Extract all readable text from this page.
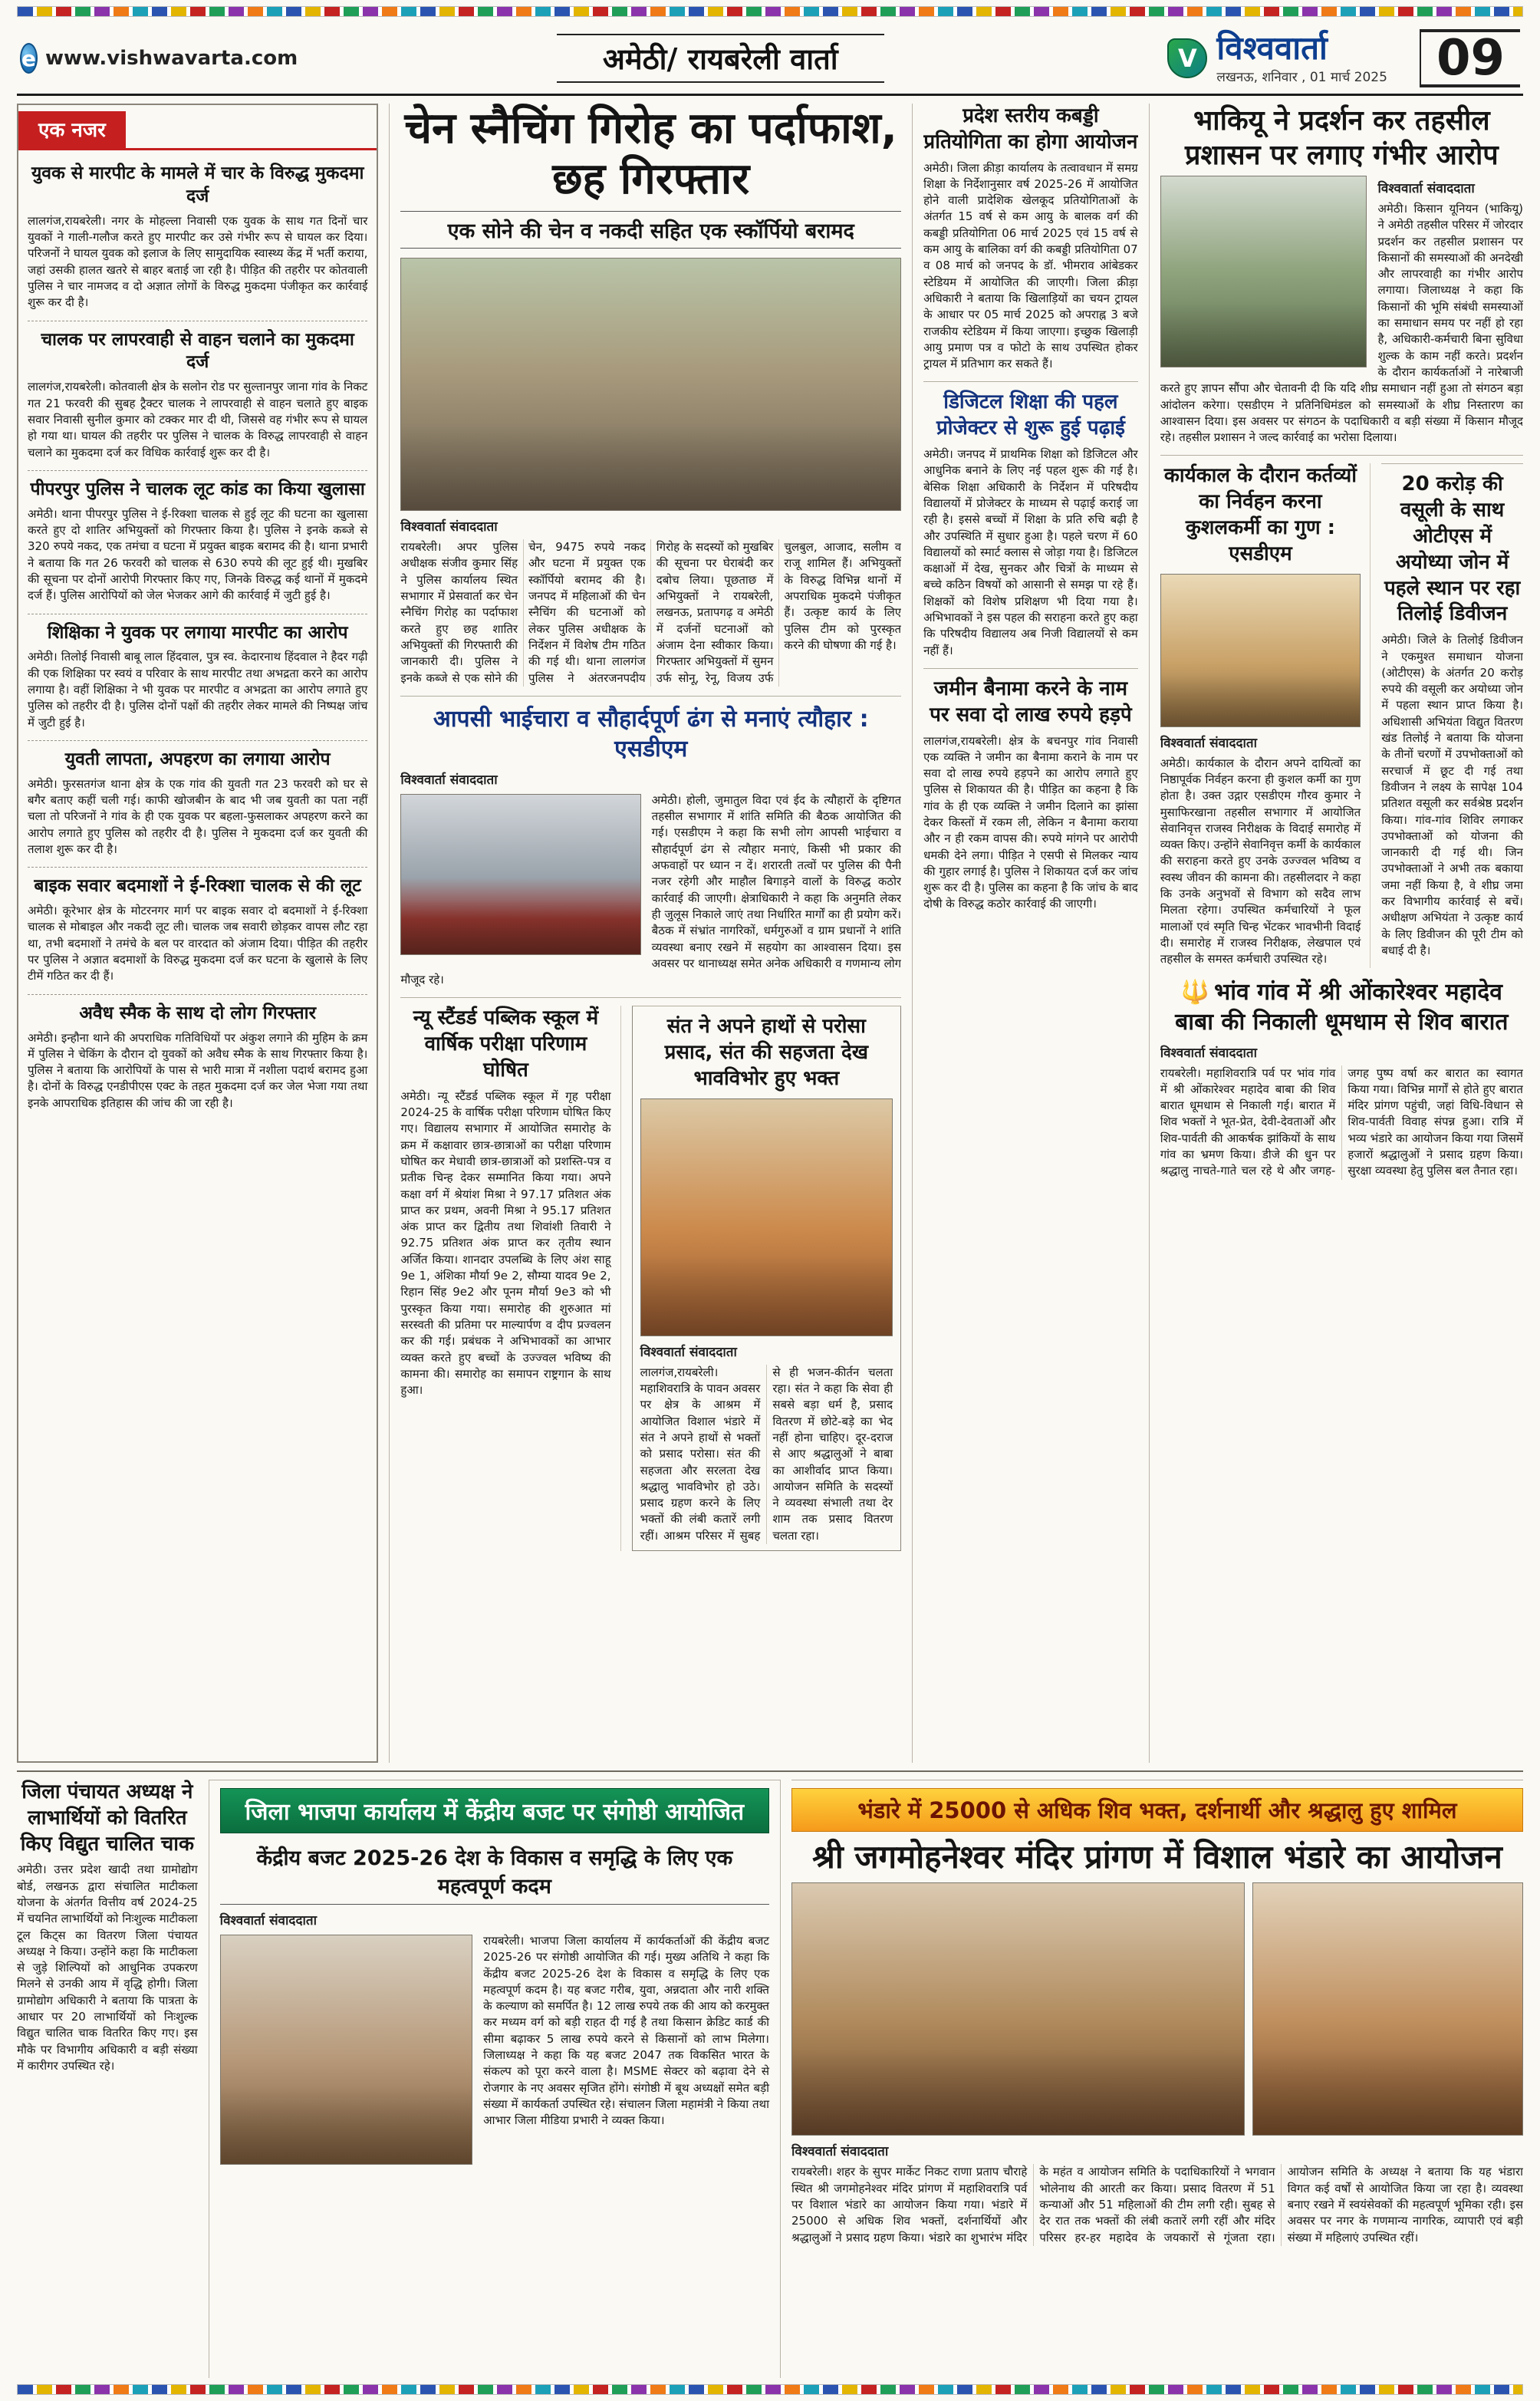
e www.vishwavarta.com	अमेठी/ रायबरेली वार्ता	V विश्ववार्ता
लखनऊ, शनिवार , 01 मार्च 2025	09
एक नजर
युवक से मारपीट के मामले में चार के विरुद्ध मुकदमा दर्ज
लालगंज,रायबरेली। नगर के मोहल्ला निवासी एक युवक के साथ गत दिनों चार युवकों ने गाली-गलौज करते हुए मारपीट कर उसे गंभीर रूप से घायल कर दिया। परिजनों ने घायल युवक को इलाज के लिए सामुदायिक स्वास्थ्य केंद्र में भर्ती कराया, जहां उसकी हालत खतरे से बाहर बताई जा रही है। पीड़ित की तहरीर पर कोतवाली पुलिस ने चार नामजद व दो अज्ञात लोगों के विरुद्ध मुकदमा पंजीकृत कर कार्रवाई शुरू कर दी है।
चालक पर लापरवाही से वाहन चलाने का मुकदमा दर्ज
लालगंज,रायबरेली। कोतवाली क्षेत्र के सलोन रोड पर सुल्तानपुर जाना गांव के निकट गत 21 फरवरी की सुबह ट्रैक्टर चालक ने लापरवाही से वाहन चलाते हुए बाइक सवार निवासी सुनील कुमार को टक्कर मार दी थी, जिससे वह गंभीर रूप से घायल हो गया था। घायल की तहरीर पर पुलिस ने चालक के विरुद्ध लापरवाही से वाहन चलाने का मुकदमा दर्ज कर विधिक कार्रवाई शुरू कर दी है।
पीपरपुर पुलिस ने चालक लूट कांड का किया खुलासा
अमेठी। थाना पीपरपुर पुलिस ने ई-रिक्शा चालक से हुई लूट की घटना का खुलासा करते हुए दो शातिर अभियुक्तों को गिरफ्तार किया है। पुलिस ने इनके कब्जे से 320 रुपये नकद, एक तमंचा व घटना में प्रयुक्त बाइक बरामद की है। थाना प्रभारी ने बताया कि गत 26 फरवरी को चालक से 630 रुपये की लूट हुई थी। मुखबिर की सूचना पर दोनों आरोपी गिरफ्तार किए गए, जिनके विरुद्ध कई थानों में मुकदमे दर्ज हैं। पुलिस आरोपियों को जेल भेजकर आगे की कार्रवाई में जुटी हुई है।
शिक्षिका ने युवक पर लगाया मारपीट का आरोप
अमेठी। तिलोई निवासी बाबू लाल हिंदवाल, पुत्र स्व. केदारनाथ हिंदवाल ने हैदर गढ़ी की एक शिक्षिका पर स्वयं व परिवार के साथ मारपीट तथा अभद्रता करने का आरोप लगाया है। वहीं शिक्षिका ने भी युवक पर मारपीट व अभद्रता का आरोप लगाते हुए पुलिस को तहरीर दी है। पुलिस दोनों पक्षों की तहरीर लेकर मामले की निष्पक्ष जांच में जुटी हुई है।
युवती लापता, अपहरण का लगाया आरोप
अमेठी। फुरसतगंज थाना क्षेत्र के एक गांव की युवती गत 23 फरवरी को घर से बगैर बताए कहीं चली गई। काफी खोजबीन के बाद भी जब युवती का पता नहीं चला तो परिजनों ने गांव के ही एक युवक पर बहला-फुसलाकर अपहरण करने का आरोप लगाते हुए पुलिस को तहरीर दी है। पुलिस ने मुकदमा दर्ज कर युवती की तलाश शुरू कर दी है।
बाइक सवार बदमाशों ने ई-रिक्शा चालक से की लूट
अमेठी। कूरेभार क्षेत्र के मोटरनगर मार्ग पर बाइक सवार दो बदमाशों ने ई-रिक्शा चालक से मोबाइल और नकदी लूट ली। चालक जब सवारी छोड़कर वापस लौट रहा था, तभी बदमाशों ने तमंचे के बल पर वारदात को अंजाम दिया। पीड़ित की तहरीर पर पुलिस ने अज्ञात बदमाशों के विरुद्ध मुकदमा दर्ज कर घटना के खुलासे के लिए टीमें गठित कर दी हैं।
अवैध स्मैक के साथ दो लोग गिरफ्तार
अमेठी। इन्हौना थाने की अपराधिक गतिविधियों पर अंकुश लगाने की मुहिम के क्रम में पुलिस ने चेकिंग के दौरान दो युवकों को अवैध स्मैक के साथ गिरफ्तार किया है। पुलिस ने बताया कि आरोपियों के पास से भारी मात्रा में नशीला पदार्थ बरामद हुआ है। दोनों के विरुद्ध एनडीपीएस एक्ट के तहत मुकदमा दर्ज कर जेल भेजा गया तथा इनके आपराधिक इतिहास की जांच की जा रही है।
चेन स्नैचिंग गिरोह का पर्दाफाश, छह गिरफ्तार
एक सोने की चेन व नकदी सहित एक स्कॉर्पियो बरामद
विश्ववार्ता संवाददाता
रायबरेली। अपर पुलिस अधीक्षक संजीव कुमार सिंह ने पुलिस कार्यालय स्थित सभागार में प्रेसवार्ता कर चेन स्नैचिंग गिरोह का पर्दाफाश करते हुए छह शातिर अभियुक्तों की गिरफ्तारी की जानकारी दी। पुलिस ने इनके कब्जे से एक सोने की चेन, 9475 रुपये नकद और घटना में प्रयुक्त एक स्कॉर्पियो बरामद की है। जनपद में महिलाओं की चेन स्नैचिंग की घटनाओं को लेकर पुलिस अधीक्षक के निर्देशन में विशेष टीम गठित की गई थी। थाना लालगंज पुलिस ने अंतरजनपदीय गिरोह के सदस्यों को मुखबिर की सूचना पर घेराबंदी कर दबोच लिया। पूछताछ में अभियुक्तों ने रायबरेली, लखनऊ, प्रतापगढ़ व अमेठी में दर्जनों घटनाओं को अंजाम देना स्वीकार किया। गिरफ्तार अभियुक्तों में सुमन उर्फ सोनू, रेनू, विजय उर्फ चुलबुल, आजाद, सलीम व राजू शामिल हैं। अभियुक्तों के विरुद्ध विभिन्न थानों में अपराधिक मुकदमे पंजीकृत हैं। उत्कृष्ट कार्य के लिए पुलिस टीम को पुरस्कृत करने की घोषणा की गई है।
आपसी भाईचारा व सौहार्दपूर्ण ढंग से मनाएं त्यौहार : एसडीएम
विश्ववार्ता संवाददाता
अमेठी। होली, जुमातुल विदा एवं ईद के त्यौहारों के दृष्टिगत तहसील सभागार में शांति समिति की बैठक आयोजित की गई। एसडीएम ने कहा कि सभी लोग आपसी भाईचारा व सौहार्दपूर्ण ढंग से त्यौहार मनाएं, किसी भी प्रकार की अफवाहों पर ध्यान न दें। शरारती तत्वों पर पुलिस की पैनी नजर रहेगी और माहौल बिगाड़ने वालों के विरुद्ध कठोर कार्रवाई की जाएगी। क्षेत्राधिकारी ने कहा कि अनुमति लेकर ही जुलूस निकाले जाएं तथा निर्धारित मार्गों का ही प्रयोग करें। बैठक में संभ्रांत नागरिकों, धर्मगुरुओं व ग्राम प्रधानों ने शांति व्यवस्था बनाए रखने में सहयोग का आश्वासन दिया। इस अवसर पर थानाध्यक्ष समेत अनेक अधिकारी व गणमान्य लोग मौजूद रहे।
न्यू स्टैंडर्ड पब्लिक स्कूल में वार्षिक परीक्षा परिणाम घोषित
अमेठी। न्यू स्टैंडर्ड पब्लिक स्कूल में गृह परीक्षा 2024-25 के वार्षिक परीक्षा परिणाम घोषित किए गए। विद्यालय सभागार में आयोजित समारोह के क्रम में कक्षावार छात्र-छात्राओं का परीक्षा परिणाम घोषित कर मेधावी छात्र-छात्राओं को प्रशस्ति-पत्र व प्रतीक चिन्ह देकर सम्मानित किया गया। अपने कक्षा वर्ग में श्रेयांश मिश्रा ने 97.17 प्रतिशत अंक प्राप्त कर प्रथम, अवनी मिश्रा ने 95.17 प्रतिशत अंक प्राप्त कर द्वितीय तथा शिवांशी तिवारी ने 92.75 प्रतिशत अंक प्राप्त कर तृतीय स्थान अर्जित किया। शानदार उपलब्धि के लिए अंश साहू 9e 1, अंशिका मौर्या 9e 2, सौम्या यादव 9e 2, रिहान सिंह 9e2 और पूनम मौर्या 9e3 को भी पुरस्कृत किया गया। समारोह की शुरुआत मां सरस्वती की प्रतिमा पर माल्यार्पण व दीप प्रज्वलन कर की गई। प्रबंधक ने अभिभावकों का आभार व्यक्त करते हुए बच्चों के उज्ज्वल भविष्य की कामना की। समारोह का समापन राष्ट्रगान के साथ हुआ।
संत ने अपने हाथों से परोसा प्रसाद, संत की सहजता देख भावविभोर हुए भक्त
विश्ववार्ता संवाददाता
लालगंज,रायबरेली। महाशिवरात्रि के पावन अवसर पर क्षेत्र के आश्रम में आयोजित विशाल भंडारे में संत ने अपने हाथों से भक्तों को प्रसाद परोसा। संत की सहजता और सरलता देख श्रद्धालु भावविभोर हो उठे। प्रसाद ग्रहण करने के लिए भक्तों की लंबी कतारें लगी रहीं। आश्रम परिसर में सुबह से ही भजन-कीर्तन चलता रहा। संत ने कहा कि सेवा ही सबसे बड़ा धर्म है, प्रसाद वितरण में छोटे-बड़े का भेद नहीं होना चाहिए। दूर-दराज से आए श्रद्धालुओं ने बाबा का आशीर्वाद प्राप्त किया। आयोजन समिति के सदस्यों ने व्यवस्था संभाली तथा देर शाम तक प्रसाद वितरण चलता रहा।
प्रदेश स्तरीय कबड्डी प्रतियोगिता का होगा आयोजन
अमेठी। जिला क्रीड़ा कार्यालय के तत्वावधान में समग्र शिक्षा के निर्देशानुसार वर्ष 2025-26 में आयोजित होने वाली प्रादेशिक खेलकूद प्रतियोगिताओं के अंतर्गत 15 वर्ष से कम आयु के बालक वर्ग की कबड्डी प्रतियोगिता 06 मार्च 2025 एवं 15 वर्ष से कम आयु के बालिका वर्ग की कबड्डी प्रतियोगिता 07 व 08 मार्च को जनपद के डॉ. भीमराव आंबेडकर स्टेडियम में आयोजित की जाएगी। जिला क्रीड़ा अधिकारी ने बताया कि खिलाड़ियों का चयन ट्रायल के आधार पर 05 मार्च 2025 को अपराह्न 3 बजे राजकीय स्टेडियम में किया जाएगा। इच्छुक खिलाड़ी आयु प्रमाण पत्र व फोटो के साथ उपस्थित होकर ट्रायल में प्रतिभाग कर सकते हैं।
डिजिटल शिक्षा की पहल प्रोजेक्टर से शुरू हुई पढ़ाई
अमेठी। जनपद में प्राथमिक शिक्षा को डिजिटल और आधुनिक बनाने के लिए नई पहल शुरू की गई है। बेसिक शिक्षा अधिकारी के निर्देशन में परिषदीय विद्यालयों में प्रोजेक्टर के माध्यम से पढ़ाई कराई जा रही है। इससे बच्चों में शिक्षा के प्रति रुचि बढ़ी है और उपस्थिति में सुधार हुआ है। पहले चरण में 60 विद्यालयों को स्मार्ट क्लास से जोड़ा गया है। डिजिटल कक्षाओं में देख, सुनकर और चित्रों के माध्यम से बच्चे कठिन विषयों को आसानी से समझ पा रहे हैं। शिक्षकों को विशेष प्रशिक्षण भी दिया गया है। अभिभावकों ने इस पहल की सराहना करते हुए कहा कि परिषदीय विद्यालय अब निजी विद्यालयों से कम नहीं हैं।
जमीन बैनामा करने के नाम पर सवा दो लाख रुपये हड़पे
लालगंज,रायबरेली। क्षेत्र के बचनपुर गांव निवासी एक व्यक्ति ने जमीन का बैनामा कराने के नाम पर सवा दो लाख रुपये हड़पने का आरोप लगाते हुए पुलिस से शिकायत की है। पीड़ित का कहना है कि गांव के ही एक व्यक्ति ने जमीन दिलाने का झांसा देकर किस्तों में रकम ली, लेकिन न बैनामा कराया और न ही रकम वापस की। रुपये मांगने पर आरोपी धमकी देने लगा। पीड़ित ने एसपी से मिलकर न्याय की गुहार लगाई है। पुलिस ने शिकायत दर्ज कर जांच शुरू कर दी है। पुलिस का कहना है कि जांच के बाद दोषी के विरुद्ध कठोर कार्रवाई की जाएगी।
भाकियू ने प्रदर्शन कर तहसील प्रशासन पर लगाए गंभीर आरोप
विश्ववार्ता संवाददाता
अमेठी। किसान यूनियन (भाकियू) ने अमेठी तहसील परिसर में जोरदार प्रदर्शन कर तहसील प्रशासन पर किसानों की समस्याओं की अनदेखी और लापरवाही का गंभीर आरोप लगाया। जिलाध्यक्ष ने कहा कि किसानों की भूमि संबंधी समस्याओं का समाधान समय पर नहीं हो रहा है, अधिकारी-कर्मचारी बिना सुविधा शुल्क के काम नहीं करते। प्रदर्शन के दौरान कार्यकर्ताओं ने नारेबाजी करते हुए ज्ञापन सौंपा और चेतावनी दी कि यदि शीघ्र समाधान नहीं हुआ तो संगठन बड़ा आंदोलन करेगा। एसडीएम ने प्रतिनिधिमंडल को समस्याओं के शीघ्र निस्तारण का आश्वासन दिया। इस अवसर पर संगठन के पदाधिकारी व बड़ी संख्या में किसान मौजूद रहे। तहसील प्रशासन ने जल्द कार्रवाई का भरोसा दिलाया।
कार्यकाल के दौरान कर्तव्यों का निर्वहन करना कुशलकर्मी का गुण : एसडीएम
विश्ववार्ता संवाददाता
अमेठी। कार्यकाल के दौरान अपने दायित्वों का निष्ठापूर्वक निर्वहन करना ही कुशल कर्मी का गुण होता है। उक्त उद्गार एसडीएम गौरव कुमार ने मुसाफिरखाना तहसील सभागार में आयोजित सेवानिवृत्त राजस्व निरीक्षक के विदाई समारोह में व्यक्त किए। उन्होंने सेवानिवृत्त कर्मी के कार्यकाल की सराहना करते हुए उनके उज्ज्वल भविष्य व स्वस्थ जीवन की कामना की। तहसीलदार ने कहा कि उनके अनुभवों से विभाग को सदैव लाभ मिलता रहेगा। उपस्थित कर्मचारियों ने फूल मालाओं एवं स्मृति चिन्ह भेंटकर भावभीनी विदाई दी। समारोह में राजस्व निरीक्षक, लेखपाल एवं तहसील के समस्त कर्मचारी उपस्थित रहे।
20 करोड़ की वसूली के साथ ओटीएस में अयोध्या जोन में पहले स्थान पर रहा तिलोई डिवीजन
अमेठी। जिले के तिलोई डिवीजन ने एकमुश्त समाधान योजना (ओटीएस) के अंतर्गत 20 करोड़ रुपये की वसूली कर अयोध्या जोन में पहला स्थान प्राप्त किया है। अधिशासी अभियंता विद्युत वितरण खंड तिलोई ने बताया कि योजना के तीनों चरणों में उपभोक्ताओं को सरचार्ज में छूट दी गई तथा डिवीजन ने लक्ष्य के सापेक्ष 104 प्रतिशत वसूली कर सर्वश्रेष्ठ प्रदर्शन किया। गांव-गांव शिविर लगाकर उपभोक्ताओं को योजना की जानकारी दी गई थी। जिन उपभोक्ताओं ने अभी तक बकाया जमा नहीं किया है, वे शीघ्र जमा कर विभागीय कार्रवाई से बचें। अधीक्षण अभियंता ने उत्कृष्ट कार्य के लिए डिवीजन की पूरी टीम को बधाई दी है।
🔱 भांव गांव में श्री ओंकारेश्वर महादेव बाबा की निकाली धूमधाम से शिव बारात
विश्ववार्ता संवाददाता
रायबरेली। महाशिवरात्रि पर्व पर भांव गांव में श्री ओंकारेश्वर महादेव बाबा की शिव बारात धूमधाम से निकाली गई। बारात में शिव भक्तों ने भूत-प्रेत, देवी-देवताओं और शिव-पार्वती की आकर्षक झांकियों के साथ गांव का भ्रमण किया। डीजे की धुन पर श्रद्धालु नाचते-गाते चल रहे थे और जगह-जगह पुष्प वर्षा कर बारात का स्वागत किया गया। विभिन्न मार्गों से होते हुए बारात मंदिर प्रांगण पहुंची, जहां विधि-विधान से शिव-पार्वती विवाह संपन्न हुआ। रात्रि में भव्य भंडारे का आयोजन किया गया जिसमें हजारों श्रद्धालुओं ने प्रसाद ग्रहण किया। सुरक्षा व्यवस्था हेतु पुलिस बल तैनात रहा।
जिला पंचायत अध्यक्ष ने लाभार्थियों को वितरित किए विद्युत चालित चाक
अमेठी। उत्तर प्रदेश खादी तथा ग्रामोद्योग बोर्ड, लखनऊ द्वारा संचालित माटीकला योजना के अंतर्गत वित्तीय वर्ष 2024-25 में चयनित लाभार्थियों को निःशुल्क माटीकला टूल किट्स का वितरण जिला पंचायत अध्यक्ष ने किया। उन्होंने कहा कि माटीकला से जुड़े शिल्पियों को आधुनिक उपकरण मिलने से उनकी आय में वृद्धि होगी। जिला ग्रामोद्योग अधिकारी ने बताया कि पात्रता के आधार पर 20 लाभार्थियों को निःशुल्क विद्युत चालित चाक वितरित किए गए। इस मौके पर विभागीय अधिकारी व बड़ी संख्या में कारीगर उपस्थित रहे।
जिला भाजपा कार्यालय में केंद्रीय बजट पर संगोष्ठी आयोजित
केंद्रीय बजट 2025-26 देश के विकास व समृद्धि के लिए एक महत्वपूर्ण कदम
विश्ववार्ता संवाददाता
रायबरेली। भाजपा जिला कार्यालय में कार्यकर्ताओं की केंद्रीय बजट 2025-26 पर संगोष्ठी आयोजित की गई। मुख्य अतिथि ने कहा कि केंद्रीय बजट 2025-26 देश के विकास व समृद्धि के लिए एक महत्वपूर्ण कदम है। यह बजट गरीब, युवा, अन्नदाता और नारी शक्ति के कल्याण को समर्पित है। 12 लाख रुपये तक की आय को करमुक्त कर मध्यम वर्ग को बड़ी राहत दी गई है तथा किसान क्रेडिट कार्ड की सीमा बढ़ाकर 5 लाख रुपये करने से किसानों को लाभ मिलेगा। जिलाध्यक्ष ने कहा कि यह बजट 2047 तक विकसित भारत के संकल्प को पूरा करने वाला है। MSME सेक्टर को बढ़ावा देने से रोजगार के नए अवसर सृजित होंगे। संगोष्ठी में बूथ अध्यक्षों समेत बड़ी संख्या में कार्यकर्ता उपस्थित रहे। संचालन जिला महामंत्री ने किया तथा आभार जिला मीडिया प्रभारी ने व्यक्त किया।
भंडारे में 25000 से अधिक शिव भक्त, दर्शनार्थी और श्रद्धालु हुए शामिल
श्री जगमोहनेश्वर मंदिर प्रांगण में विशाल भंडारे का आयोजन
विश्ववार्ता संवाददाता
रायबरेली। शहर के सुपर मार्केट निकट राणा प्रताप चौराहे स्थित श्री जगमोहनेश्वर मंदिर प्रांगण में महाशिवरात्रि पर्व पर विशाल भंडारे का आयोजन किया गया। भंडारे में 25000 से अधिक शिव भक्तों, दर्शनार्थियों और श्रद्धालुओं ने प्रसाद ग्रहण किया। भंडारे का शुभारंभ मंदिर के महंत व आयोजन समिति के पदाधिकारियों ने भगवान भोलेनाथ की आरती कर किया। प्रसाद वितरण में 51 कन्याओं और 51 महिलाओं की टीम लगी रही। सुबह से देर रात तक भक्तों की लंबी कतारें लगी रहीं और मंदिर परिसर हर-हर महादेव के जयकारों से गूंजता रहा। आयोजन समिति के अध्यक्ष ने बताया कि यह भंडारा विगत कई वर्षों से आयोजित किया जा रहा है। व्यवस्था बनाए रखने में स्वयंसेवकों की महत्वपूर्ण भूमिका रही। इस अवसर पर नगर के गणमान्य नागरिक, व्यापारी एवं बड़ी संख्या में महिलाएं उपस्थित रहीं।
